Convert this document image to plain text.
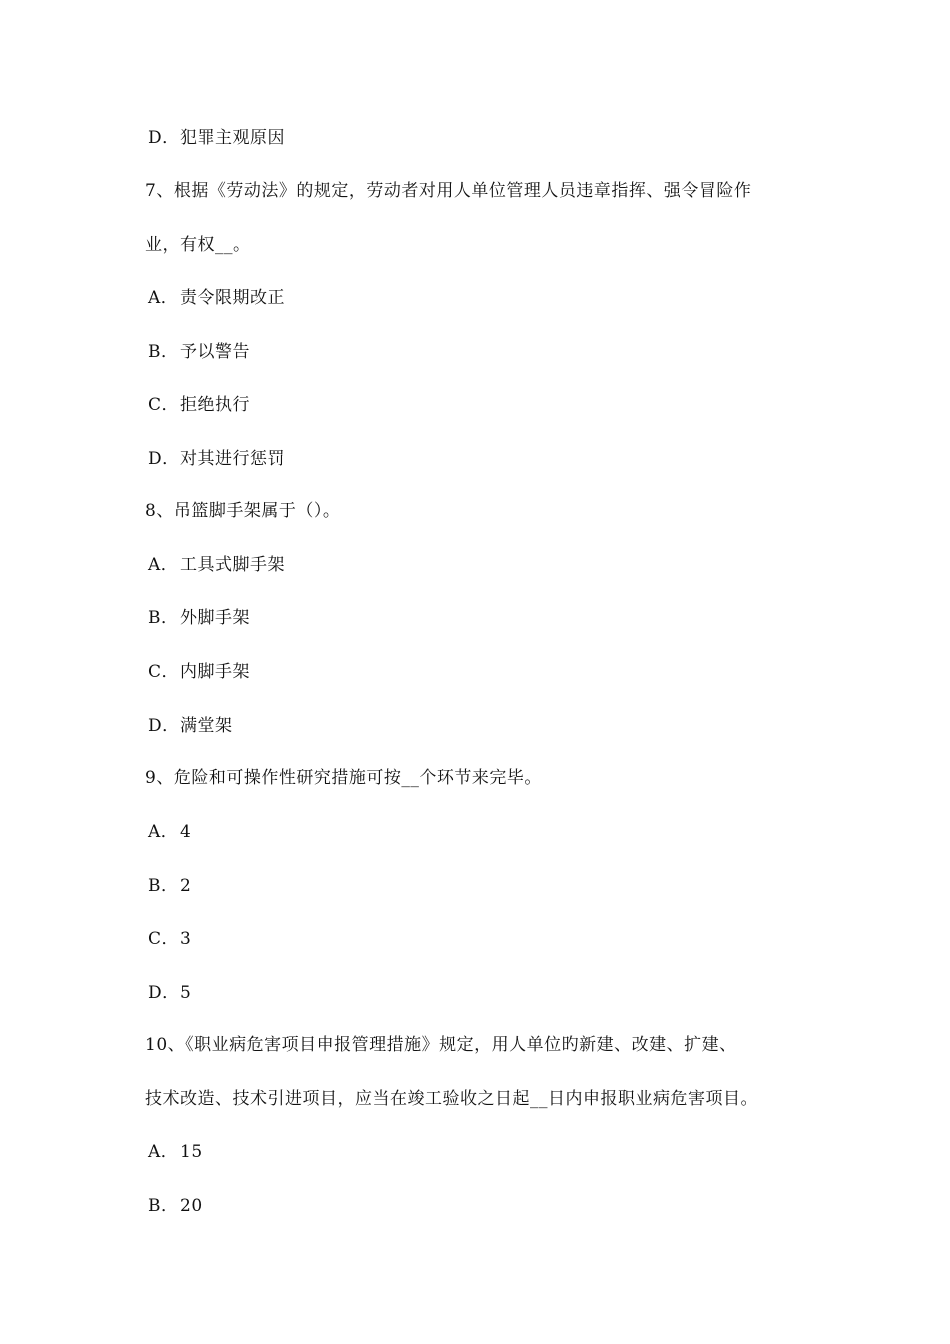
D．犯罪主观原因
7、根据《劳动法》的规定，劳动者对用人单位管理人员违章指挥、强令冒险作
业，有权__。
A． 责令限期改正
B．予以警告
C．拒绝执行
D．对其进行惩罚
8、吊篮脚手架属于（）。
A． 工具式脚手架
B．外脚手架
C．内脚手架
D．满堂架
9、危险和可操作性研究措施可按__个环节来完毕。
A． 4
B．2
C．3
D．5
10、《职业病危害项目申报管理措施》规定，用人单位旳新建、改建、扩建、
技术改造、技术引进项目，应当在竣工验收之日起__日内申报职业病危害项目。
A． 15
B．20
